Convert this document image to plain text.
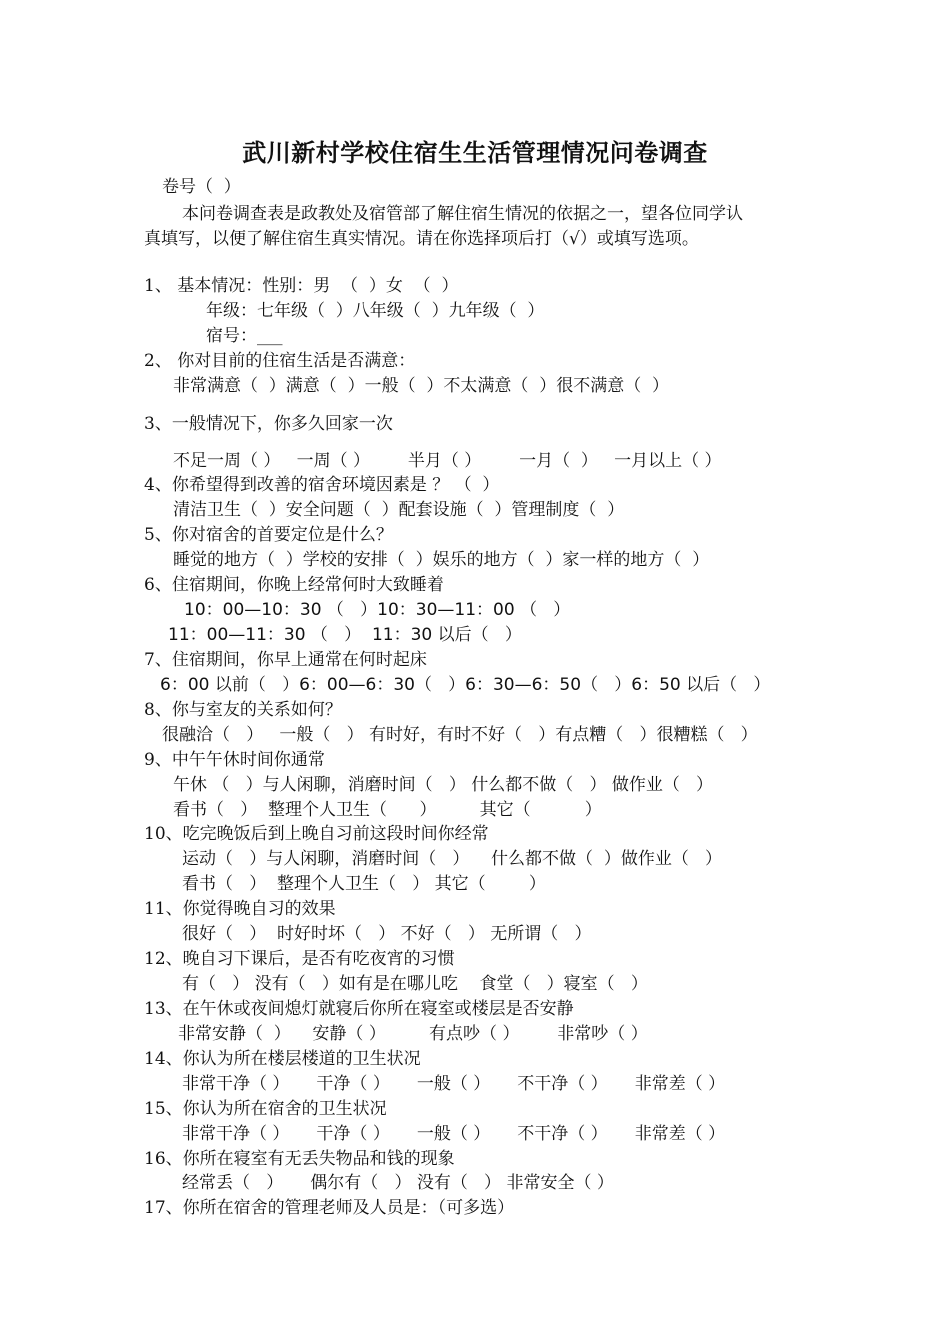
武川新村学校住宿生生活管理情况问卷调查
卷号（  ）
本问卷调查表是政教处及宿管部了解住宿生情况的依据之一，望各位同学认
真填写，以便了解住宿生真实情况。请在你选择项后打（√）或填写选项。
1、 基本情况：性别：男  （  ）女  （  ）
年级：七年级（  ）八年级（  ）九年级（  ）
宿号：___
2、 你对目前的住宿生活是否满意：
非常满意（  ）满意（  ）一般（  ）不太满意（  ）很不满意（  ）
3、一般情况下，你多久回家一次
不足一周（ ）   一周（ ）       半月（ ）       一月（  ）   一月以上（ ）
4、你希望得到改善的宿舍环境因素是 ？ （  ）
清洁卫生（  ）安全问题（  ）配套设施（  ）管理制度（  ）
5、你对宿舍的首要定位是什么？
睡觉的地方（  ）学校的安排（  ）娱乐的地方（  ）家一样的地方（  ）
6、住宿期间，你晚上经常何时大致睡着
10：00—10：30 （   ）10：30—11：00 （   ）
11：00—11：30 （   ）  11：30 以后（   ）
7、住宿期间，你早上通常在何时起床
6：00 以前（   ）6：00—6：30（   ）6：30—6：50（   ）6：50 以后（   ）
8、你与室友的关系如何？
很融洽（   ）   一般（   ） 有时好，有时不好（   ）有点糟（   ）很糟糕（   ）
9、中午午休时间你通常
午休 （   ）与人闲聊，消磨时间（   ） 什么都不做（   ） 做作业（   ）
看书（   ）  整理个人卫生（      ）        其它（          ）
10、吃完晚饭后到上晚自习前这段时间你经常
运动（   ）与人闲聊，消磨时间（   ）    什么都不做（  ）做作业（   ）
看书（   ）  整理个人卫生（   ） 其它（        ）
11、你觉得晚自习的效果
很好（   ）  时好时坏（   ） 不好（   ） 无所谓（   ）
12、晚自习下课后，是否有吃夜宵的习惯
有（   ） 没有（   ）如有是在哪儿吃    食堂（   ）寝室（   ）
13、在午休或夜间熄灯就寝后你所在寝室或楼层是否安静
非常安静（  ）    安静（ ）        有点吵（ ）       非常吵（ ）
14、你认为所在楼层楼道的卫生状况
非常干净（ ）     干净（ ）     一般（ ）     不干净（ ）     非常差（ ）
15、你认为所在宿舍的卫生状况
非常干净（ ）     干净（ ）     一般（ ）     不干净（ ）     非常差（ ）
16、你所在寝室有无丢失物品和钱的现象
经常丢（   ）     偶尔有（   ） 没有（   ） 非常安全（ ）
17、你所在宿舍的管理老师及人员是：（可多选）
